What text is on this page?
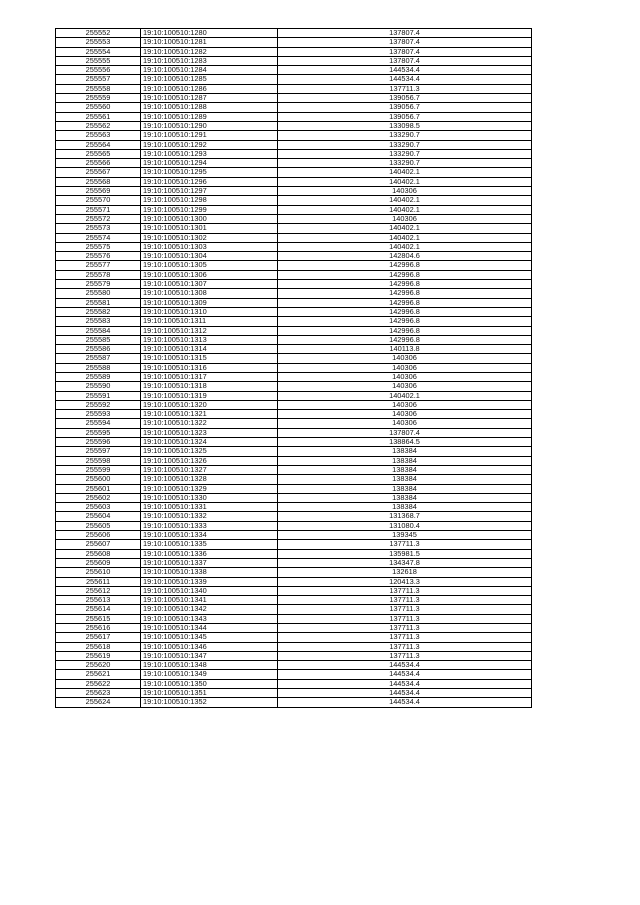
255552	19:10:100510:1280	137807.4
255553	19:10:100510:1281	137807.4
255554	19:10:100510:1282	137807.4
255555	19:10:100510:1283	137807.4
255556	19:10:100510:1284	144534.4
255557	19:10:100510:1285	144534.4
255558	19:10:100510:1286	137711.3
255559	19:10:100510:1287	139056.7
255560	19:10:100510:1288	139056.7
255561	19:10:100510:1289	139056.7
255562	19:10:100510:1290	133098.5
255563	19:10:100510:1291	133290.7
255564	19:10:100510:1292	133290.7
255565	19:10:100510:1293	133290.7
255566	19:10:100510:1294	133290.7
255567	19:10:100510:1295	140402.1
255568	19:10:100510:1296	140402.1
255569	19:10:100510:1297	140306
255570	19:10:100510:1298	140402.1
255571	19:10:100510:1299	140402.1
255572	19:10:100510:1300	140306
255573	19:10:100510:1301	140402.1
255574	19:10:100510:1302	140402.1
255575	19:10:100510:1303	140402.1
255576	19:10:100510:1304	142804.6
255577	19:10:100510:1305	142996.8
255578	19:10:100510:1306	142996.8
255579	19:10:100510:1307	142996.8
255580	19:10:100510:1308	142996.8
255581	19:10:100510:1309	142996.8
255582	19:10:100510:1310	142996.8
255583	19:10:100510:1311	142996.8
255584	19:10:100510:1312	142996.8
255585	19:10:100510:1313	142996.8
255586	19:10:100510:1314	140113.8
255587	19:10:100510:1315	140306
255588	19:10:100510:1316	140306
255589	19:10:100510:1317	140306
255590	19:10:100510:1318	140306
255591	19:10:100510:1319	140402.1
255592	19:10:100510:1320	140306
255593	19:10:100510:1321	140306
255594	19:10:100510:1322	140306
255595	19:10:100510:1323	137807.4
255596	19:10:100510:1324	138864.5
255597	19:10:100510:1325	138384
255598	19:10:100510:1326	138384
255599	19:10:100510:1327	138384
255600	19:10:100510:1328	138384
255601	19:10:100510:1329	138384
255602	19:10:100510:1330	138384
255603	19:10:100510:1331	138384
255604	19:10:100510:1332	131368.7
255605	19:10:100510:1333	131080.4
255606	19:10:100510:1334	139345
255607	19:10:100510:1335	137711.3
255608	19:10:100510:1336	135981.5
255609	19:10:100510:1337	134347.8
255610	19:10:100510:1338	132618
255611	19:10:100510:1339	120413.3
255612	19:10:100510:1340	137711.3
255613	19:10:100510:1341	137711.3
255614	19:10:100510:1342	137711.3
255615	19:10:100510:1343	137711.3
255616	19:10:100510:1344	137711.3
255617	19:10:100510:1345	137711.3
255618	19:10:100510:1346	137711.3
255619	19:10:100510:1347	137711.3
255620	19:10:100510:1348	144534.4
255621	19:10:100510:1349	144534.4
255622	19:10:100510:1350	144534.4
255623	19:10:100510:1351	144534.4
255624	19:10:100510:1352	144534.4
